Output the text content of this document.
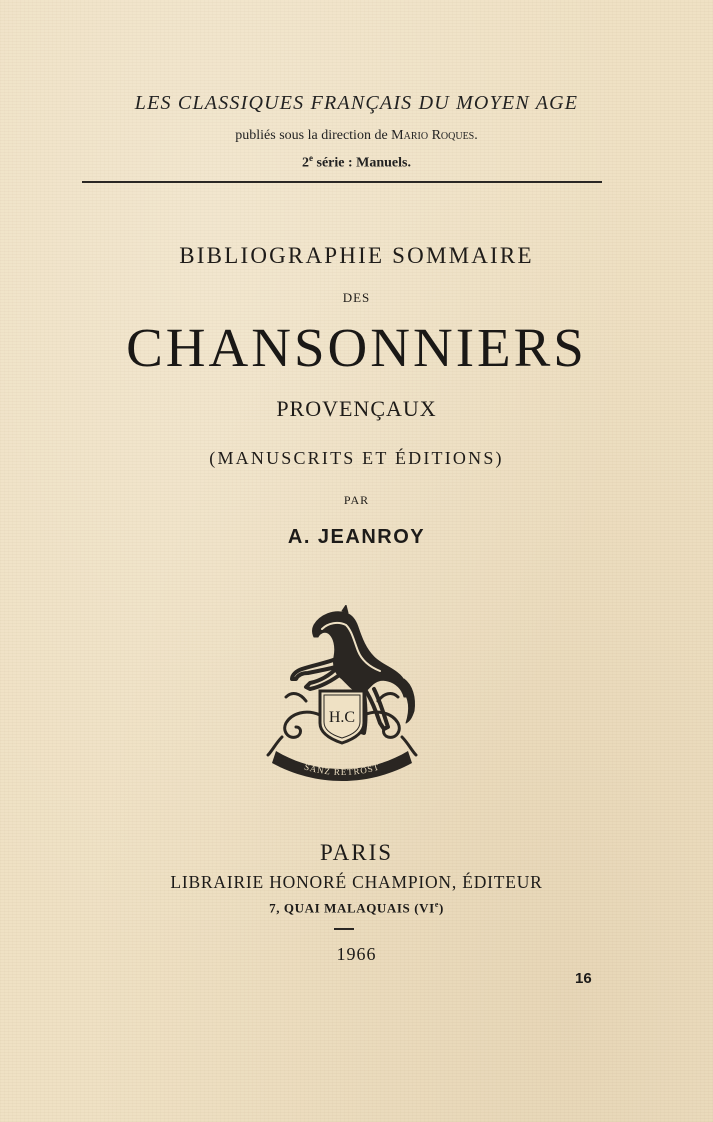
LES CLASSIQUES FRANÇAIS DU MOYEN AGE
publiés sous la direction de Mario Roques.
2e série : Manuels.
BIBLIOGRAPHIE SOMMAIRE
DES
CHANSONNIERS
PROVENÇAUX
(MANUSCRITS ET ÉDITIONS)
PAR
A. JEANROY
H.C
SANZ RETROST
PARIS
LIBRAIRIE HONORÉ CHAMPION, ÉDITEUR
7, QUAI MALAQUAIS (VIe)
1966
16
